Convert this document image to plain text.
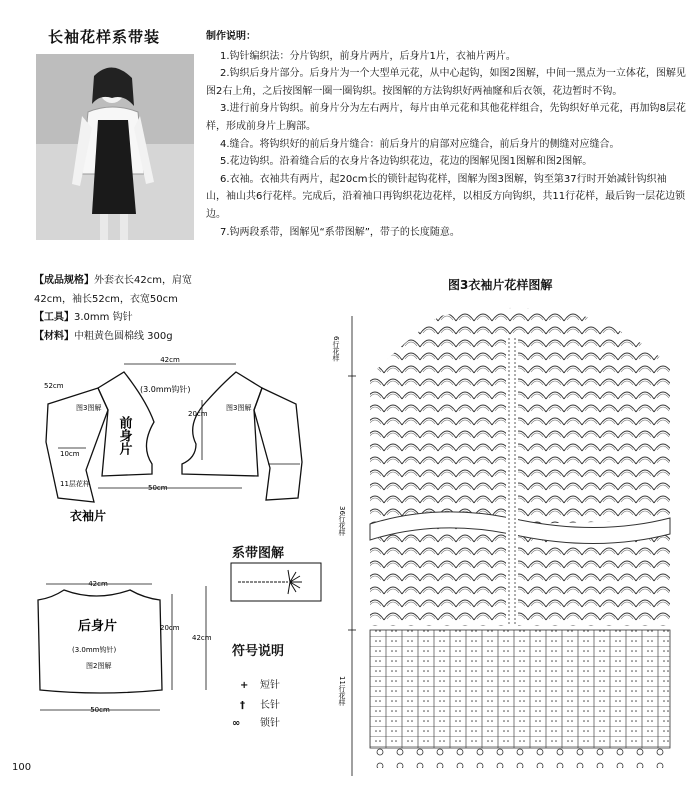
长袖花样系带装	制作说明：

1.钩针编织法：分片钩织，前身片两片，后身片1片，衣袖片两片。

2.钩织后身片部分。后身片为一个大型单元花，从中心起钩，如图2图解，中间一黑点为一立体花，图解见图2右上角，之后按图解一圈一圈钩织。按图解的方法钩织好两袖窿和后衣领，花边暂时不钩。

3.进行前身片钩织。前身片分为左右两片，每片由单元花和其他花样组合，先钩织好单元花，再加钩8层花样，形成前身片上胸部。

4.缝合。将钩织好的前后身片缝合：前后身片的肩部对应缝合，前后身片的侧缝对应缝合。

5.花边钩织。沿着缝合后的衣身片各边钩织花边，花边的图解见图1图解和图2图解。

6.衣袖。衣袖共有两片，起20cm长的锁针起钩花样，图解为图3图解，钩至第37行时开始减针钩织袖山，袖山共6行花样。完成后，沿着袖口再钩织花边花样，以相反方向钩织，共11行花样，最后钩一层花边锁边。

7.钩两段系带，图解见“系带图解”，带子的长度随意。

【成品规格】外套衣长42cm，肩宽42cm，袖长52cm，衣宽50cm
【工具】3.0mm 钩针
【材料】中粗黄色圆棉线 300g
42cm
52cm	(3.0mm钩针)
图3图解	图3图解
前身片
20cm
10cm
11层花样	50cm
衣袖片
42cm
后身片
(3.0mm钩针)
图2图解
20cm
42cm
50cm
系带图解
符号说明
+ 短针
† 长针
∞ 锁针
图3衣袖片花样图解
6行花样
36行花样
11行花样
100
